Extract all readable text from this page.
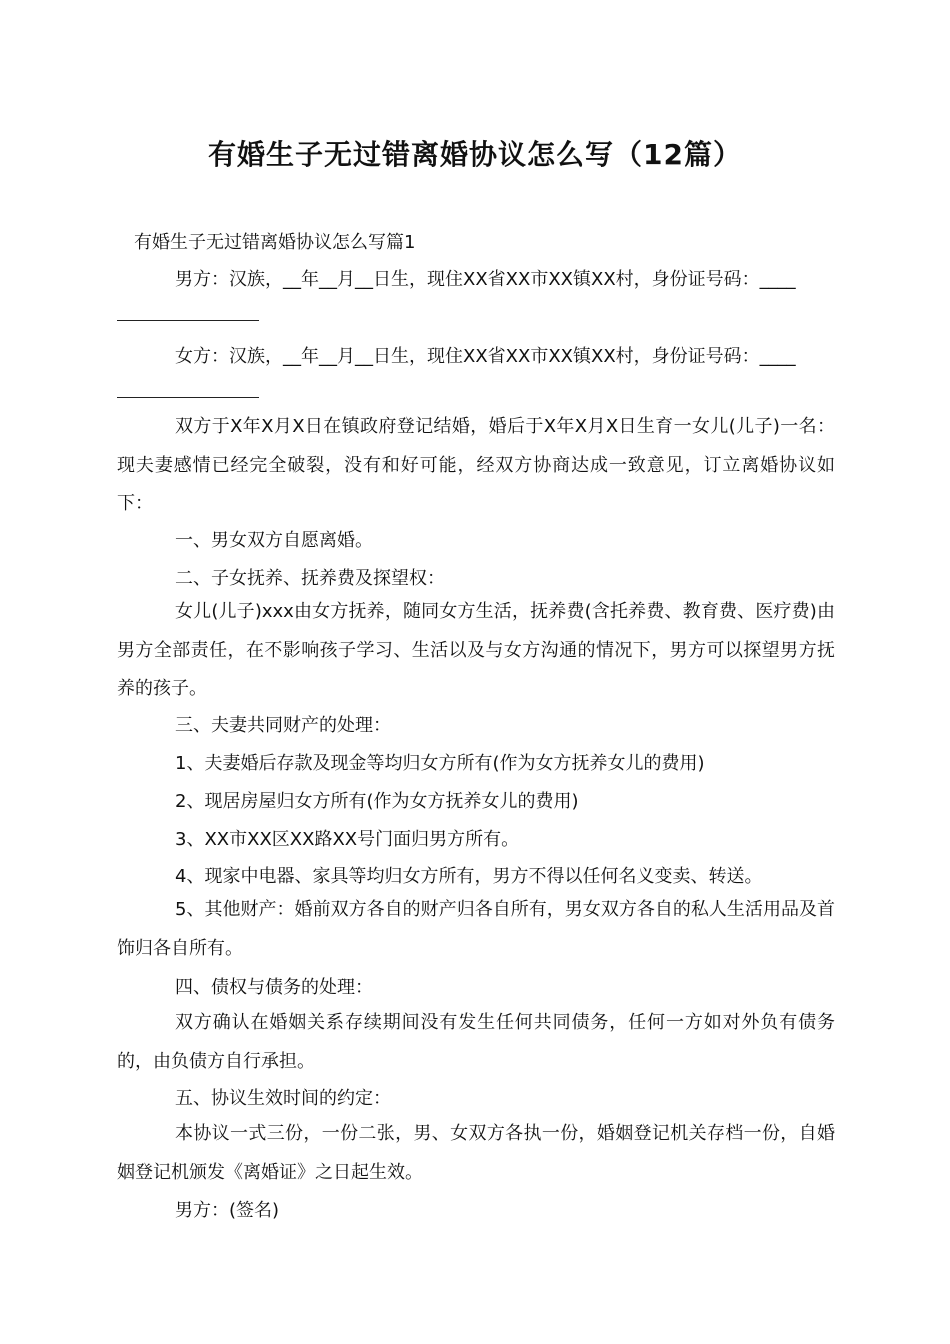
有婚生子无过错离婚协议怎么写（12篇）
有婚生子无过错离婚协议怎么写篇1
男方：汉族，__年__月__日生，现住XX省XX市XX镇XX村，身份证号码：____
女方：汉族，__年__月__日生，现住XX省XX市XX镇XX村，身份证号码：____
双方于X年X月X日在镇政府登记结婚，婚后于X年X月X日生育一女儿(儿子)一名：现夫妻感情已经完全破裂，没有和好可能，经双方协商达成一致意见，订立离婚协议如下：
一、男女双方自愿离婚。
二、子女抚养、抚养费及探望权：
女儿(儿子)xxx由女方抚养，随同女方生活，抚养费(含托养费、教育费、医疗费)由男方全部责任，在不影响孩子学习、生活以及与女方沟通的情况下，男方可以探望男方抚养的孩子。
三、夫妻共同财产的处理：
1、夫妻婚后存款及现金等均归女方所有(作为女方抚养女儿的费用)
2、现居房屋归女方所有(作为女方抚养女儿的费用)
3、XX市XX区XX路XX号门面归男方所有。
4、现家中电器、家具等均归女方所有，男方不得以任何名义变卖、转送。
5、其他财产：婚前双方各自的财产归各自所有，男女双方各自的私人生活用品及首饰归各自所有。
四、债权与债务的处理：
双方确认在婚姻关系存续期间没有发生任何共同债务，任何一方如对外负有债务的，由负债方自行承担。
五、协议生效时间的约定：
本协议一式三份，一份二张，男、女双方各执一份，婚姻登记机关存档一份，自婚姻登记机颁发《离婚证》之日起生效。
男方：(签名)
